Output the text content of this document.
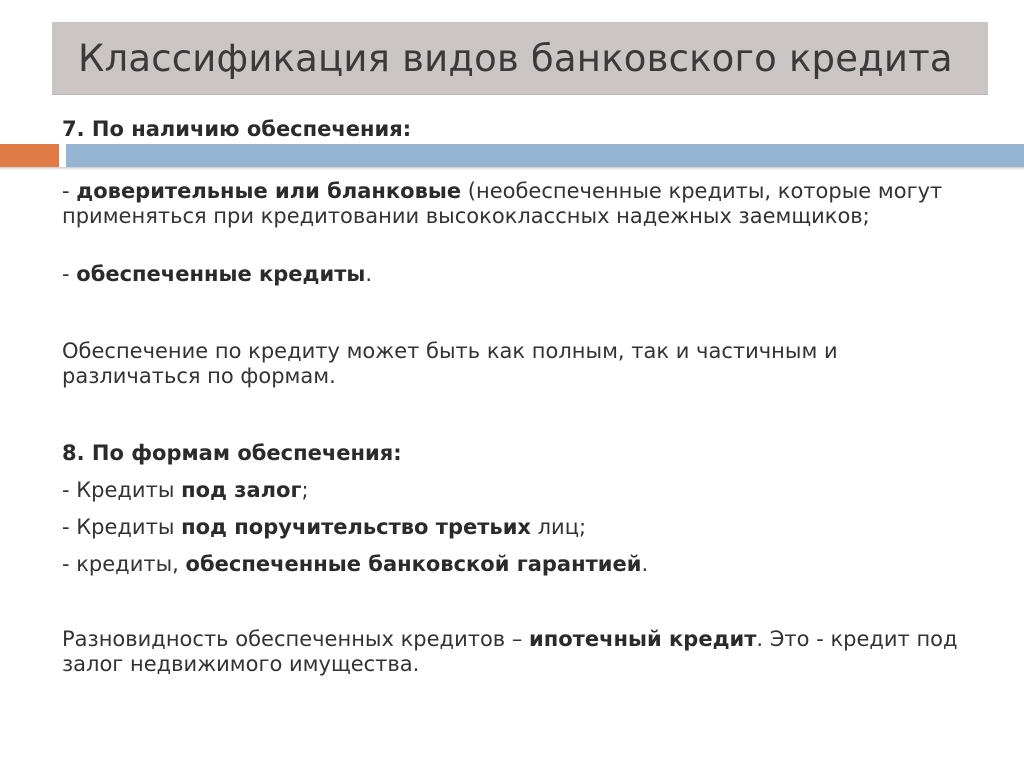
Классификация видов банковского кредита

7. По наличию обеспечения:

- доверительные или бланковые (необеспеченные кредиты, которые могут применяться при кредитовании высококлассных надежных заемщиков;

- обеспеченные кредиты.

Обеспечение по кредиту может быть как полным, так и частичным и различаться по формам.

8. По формам обеспечения:

- Кредиты под залог;

- Кредиты под поручительство третьих лиц;

- кредиты, обеспеченные банковской гарантией.

Разновидность обеспеченных кредитов – ипотечный кредит. Это - кредит под залог недвижимого имущества.
